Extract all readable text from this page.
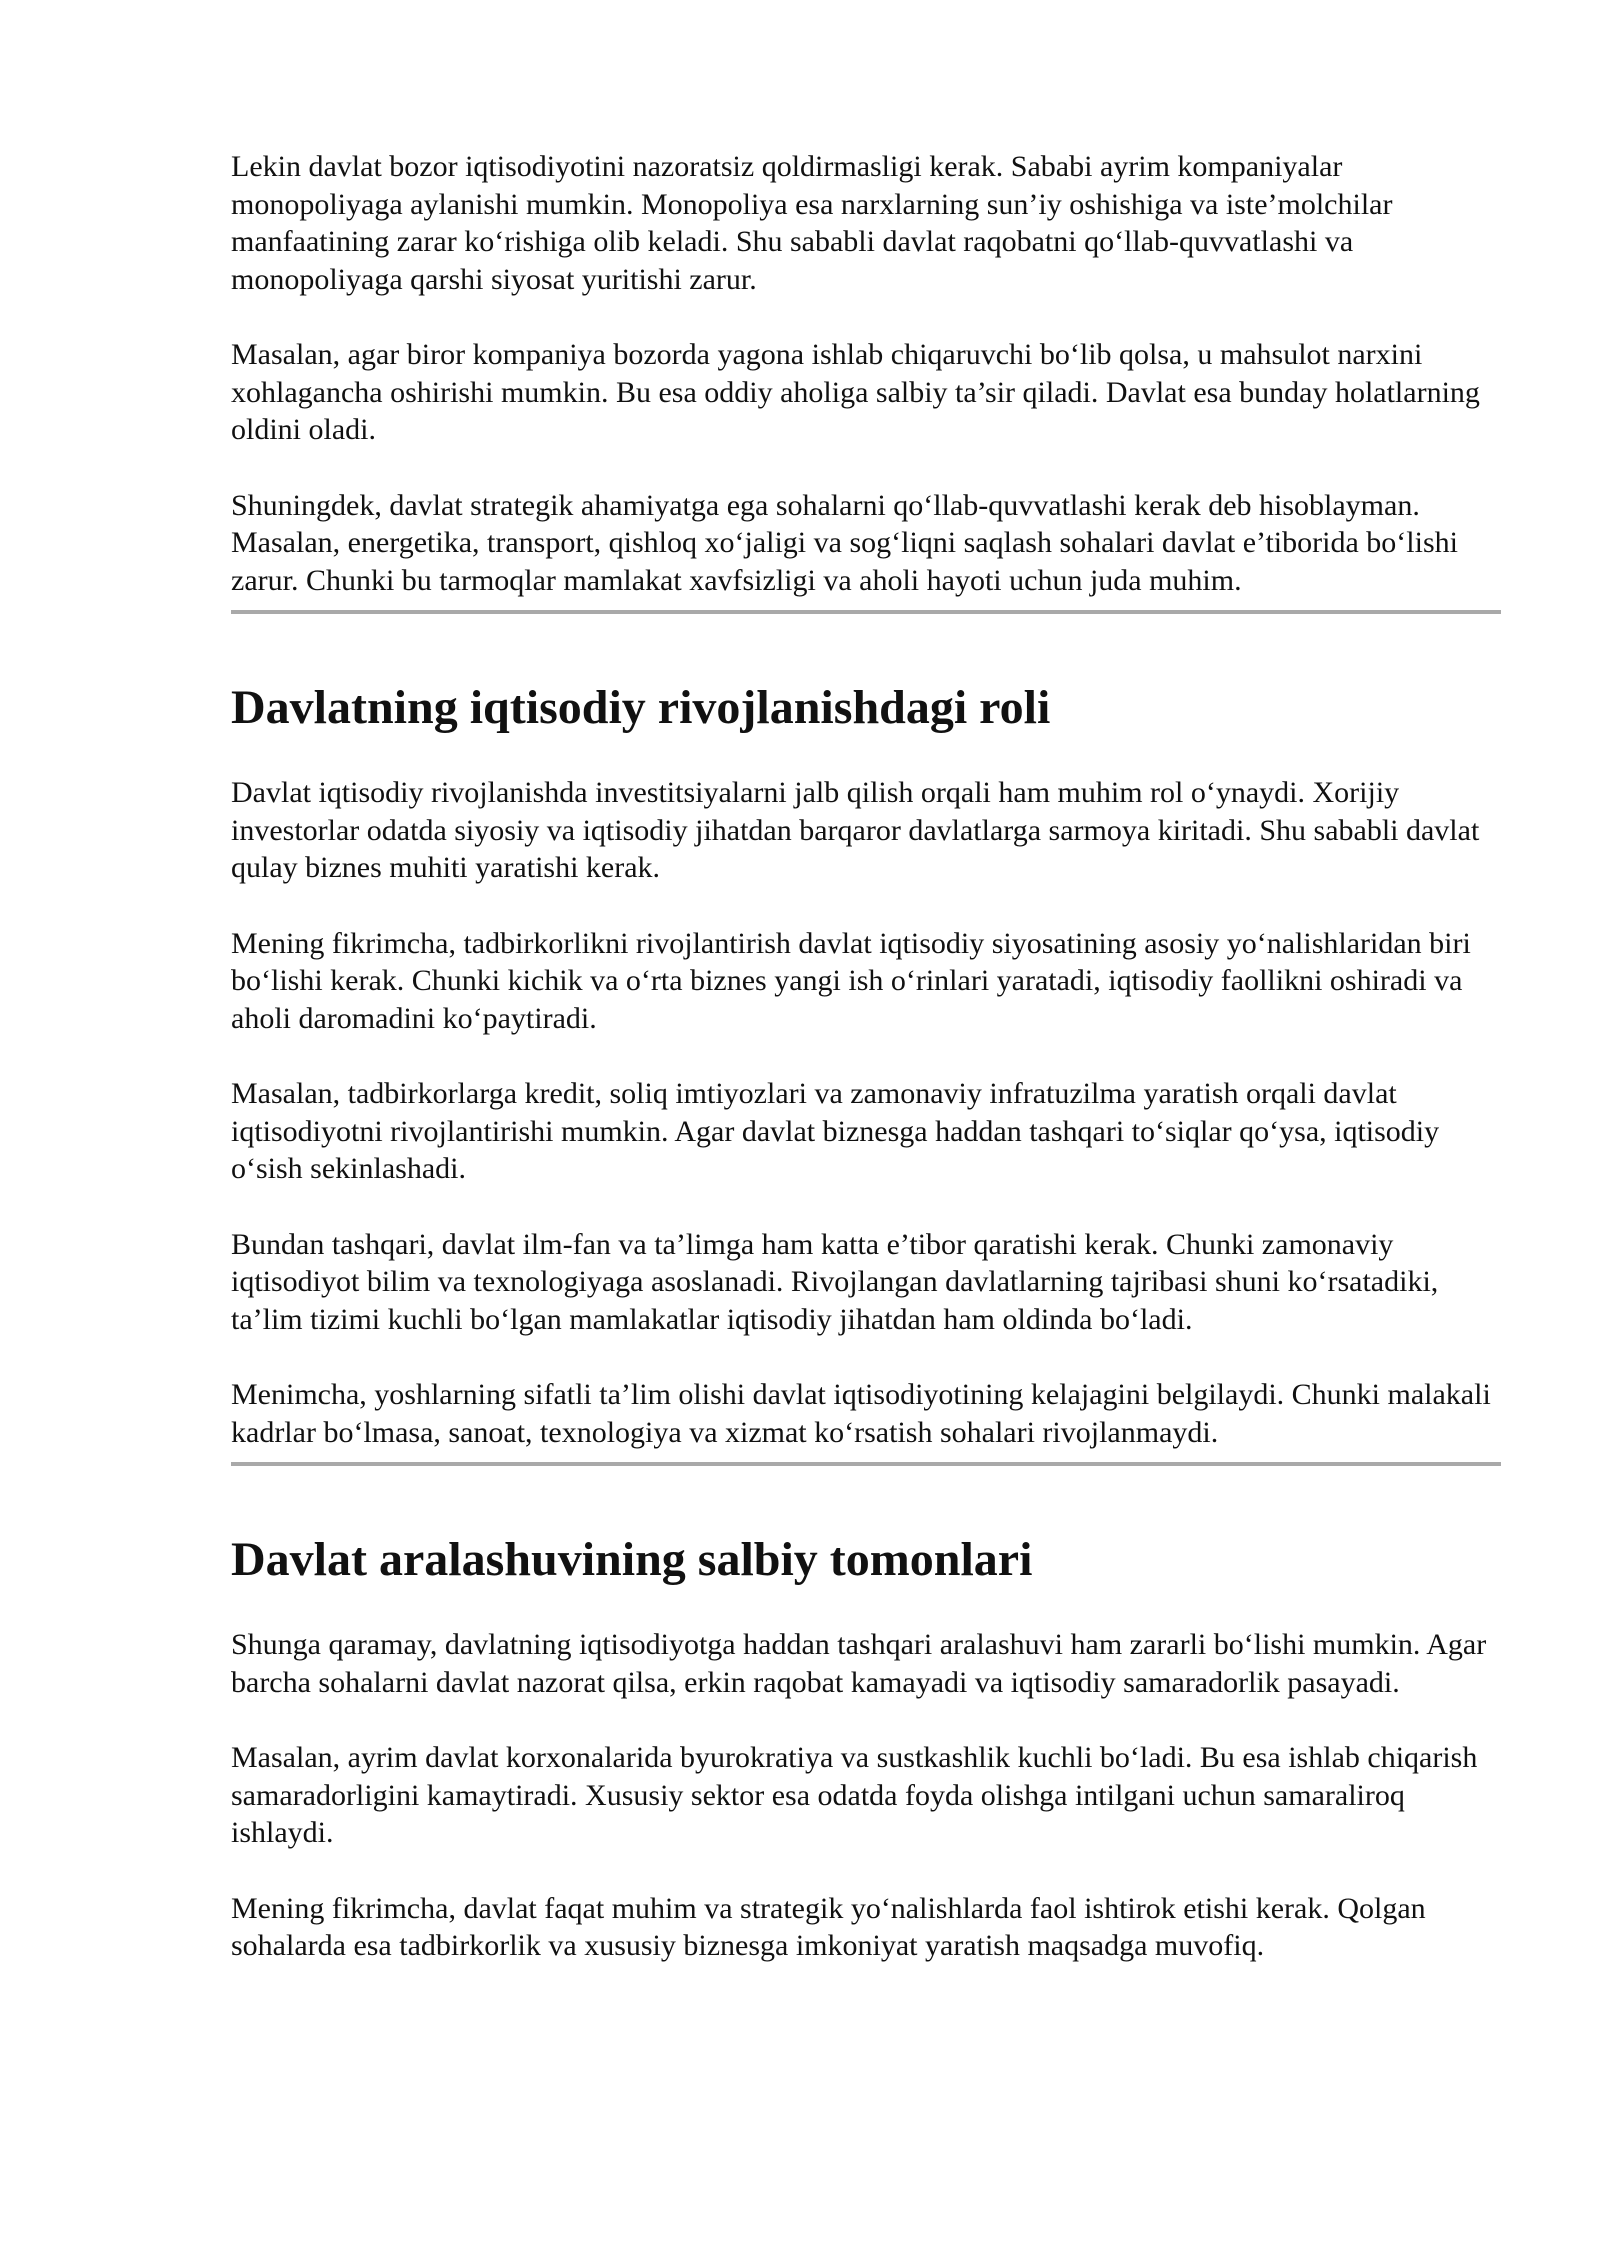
Lekin davlat bozor iqtisodiyotini nazoratsiz qoldirmasligi kerak. Sababi ayrim kompaniyalar monopoliyaga aylanishi mumkin. Monopoliya esa narxlarning sun’iy oshishiga va iste’molchilar manfaatining zarar ko‘rishiga olib keladi. Shu sababli davlat raqobatni qo‘llab-quvvatlashi va monopoliyaga qarshi siyosat yuritishi zarur.

Masalan, agar biror kompaniya bozorda yagona ishlab chiqaruvchi bo‘lib qolsa, u mahsulot narxini xohlagancha oshirishi mumkin. Bu esa oddiy aholiga salbiy ta’sir qiladi. Davlat esa bunday holatlarning oldini oladi.

Shuningdek, davlat strategik ahamiyatga ega sohalarni qo‘llab-quvvatlashi kerak deb hisoblayman. Masalan, energetika, transport, qishloq xo‘jaligi va sog‘liqni saqlash sohalari davlat e’tiborida bo‘lishi zarur. Chunki bu tarmoqlar mamlakat xavfsizligi va aholi hayoti uchun juda muhim.

Davlatning iqtisodiy rivojlanishdagi roli

Davlat iqtisodiy rivojlanishda investitsiyalarni jalb qilish orqali ham muhim rol o‘ynaydi. Xorijiy investorlar odatda siyosiy va iqtisodiy jihatdan barqaror davlatlarga sarmoya kiritadi. Shu sababli davlat qulay biznes muhiti yaratishi kerak.

Mening fikrimcha, tadbirkorlikni rivojlantirish davlat iqtisodiy siyosatining asosiy yo‘nalishlaridan biri bo‘lishi kerak. Chunki kichik va o‘rta biznes yangi ish o‘rinlari yaratadi, iqtisodiy faollikni oshiradi va aholi daromadini ko‘paytiradi.

Masalan, tadbirkorlarga kredit, soliq imtiyozlari va zamonaviy infratuzilma yaratish orqali davlat iqtisodiyotni rivojlantirishi mumkin. Agar davlat biznesga haddan tashqari to‘siqlar qo‘ysa, iqtisodiy o‘sish sekinlashadi.

Bundan tashqari, davlat ilm-fan va ta’limga ham katta e’tibor qaratishi kerak. Chunki zamonaviy iqtisodiyot bilim va texnologiyaga asoslanadi. Rivojlangan davlatlarning tajribasi shuni ko‘rsatadiki, ta’lim tizimi kuchli bo‘lgan mamlakatlar iqtisodiy jihatdan ham oldinda bo‘ladi.

Menimcha, yoshlarning sifatli ta’lim olishi davlat iqtisodiyotining kelajagini belgilaydi. Chunki malakali kadrlar bo‘lmasa, sanoat, texnologiya va xizmat ko‘rsatish sohalari rivojlanmaydi.

Davlat aralashuvining salbiy tomonlari

Shunga qaramay, davlatning iqtisodiyotga haddan tashqari aralashuvi ham zararli bo‘lishi mumkin. Agar barcha sohalarni davlat nazorat qilsa, erkin raqobat kamayadi va iqtisodiy samaradorlik pasayadi.

Masalan, ayrim davlat korxonalarida byurokratiya va sustkashlik kuchli bo‘ladi. Bu esa ishlab chiqarish samaradorligini kamaytiradi. Xususiy sektor esa odatda foyda olishga intilgani uchun samaraliroq ishlaydi.

Mening fikrimcha, davlat faqat muhim va strategik yo‘nalishlarda faol ishtirok etishi kerak. Qolgan sohalarda esa tadbirkorlik va xususiy biznesga imkoniyat yaratish maqsadga muvofiq.
